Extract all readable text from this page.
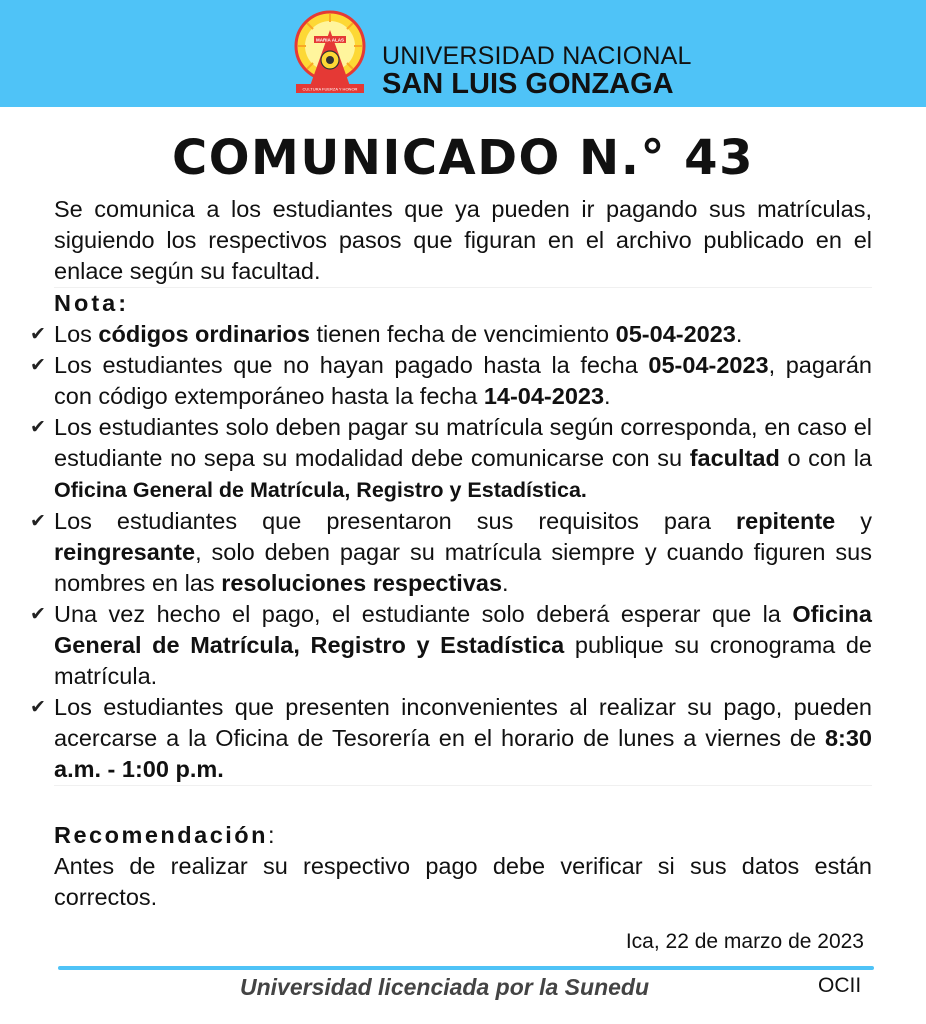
MARIA ALAS
CULTURA FUERZA Y HONOR
UNIVERSIDAD NACIONAL
SAN LUIS GONZAGA
COMUNICADO N.° 43
Se comunica a los estudiantes que ya pueden ir pagando sus matrículas, siguiendo los respectivos pasos que figuran en el archivo publicado en el enlace según su facultad.
Nota:
✔ Los códigos ordinarios tienen fecha de vencimiento 05-04-2023.
✔ Los estudiantes que no hayan pagado hasta la fecha 05-04-2023, pagarán con código extemporáneo hasta la fecha 14-04-2023.
✔ Los estudiantes solo deben pagar su matrícula según corresponda, en caso el estudiante no sepa su modalidad debe comunicarse con su facultad o con la Oficina General de Matrícula, Registro y Estadística.
✔ Los estudiantes que presentaron sus requisitos para repitente y reingresante, solo deben pagar su matrícula siempre y cuando figuren sus nombres en las resoluciones respectivas.
✔ Una vez hecho el pago, el estudiante solo deberá esperar que la Oficina General de Matrícula, Registro y Estadística publique su cronograma de matrícula.
✔ Los estudiantes que presenten inconvenientes al realizar su pago, pueden acercarse a la Oficina de Tesorería en el horario de lunes a viernes de 8:30 a.m. - 1:00 p.m.
Recomendación:
Antes de realizar su respectivo pago debe verificar si sus datos están correctos.
Ica, 22 de marzo de 2023
Universidad licenciada por la Sunedu	OCII
